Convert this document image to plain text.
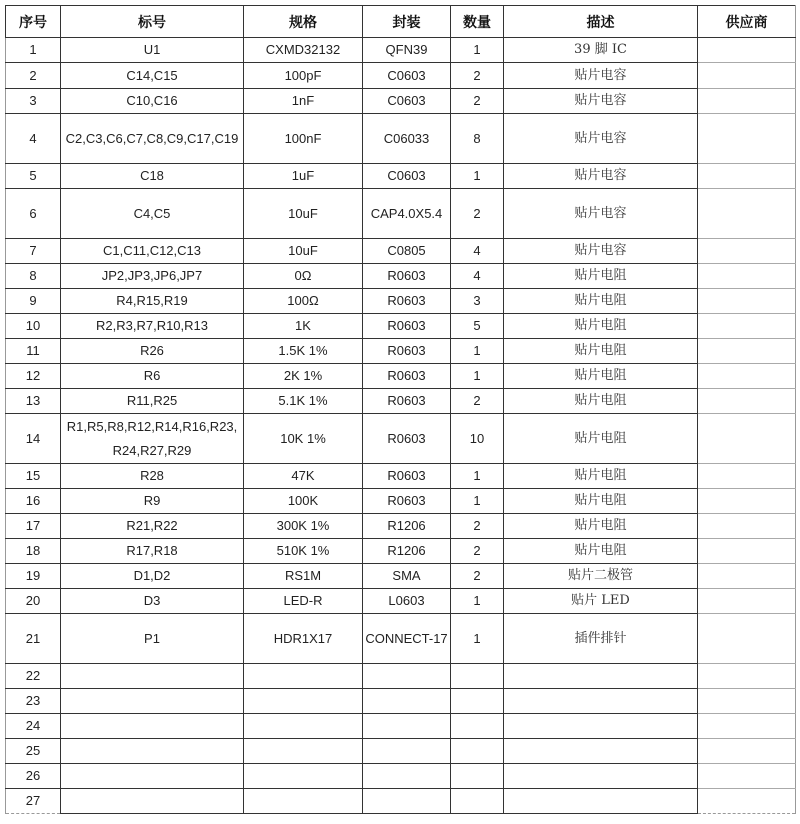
序号	标号	规格	封装	数量	描述	供应商
1	U1	CXMD32132	QFN39	1	39 脚 IC	
2	C14,C15	100pF	C0603	2	贴片电容	
3	C10,C16	1nF	C0603	2	贴片电容	
4	C2,C3,C6,C7,C8,C9,C17,C19	100nF	C06033	8	贴片电容	
5	C18	1uF	C0603	1	贴片电容	
6	C4,C5	10uF	CAP4.0X5.4	2	贴片电容	
7	C1,C11,C12,C13	10uF	C0805	4	贴片电容	
8	JP2,JP3,JP6,JP7	0Ω	R0603	4	贴片电阻	
9	R4,R15,R19	100Ω	R0603	3	贴片电阻	
10	R2,R3,R7,R10,R13	1K	R0603	5	贴片电阻	
11	R26	1.5K 1%	R0603	1	贴片电阻	
12	R6	2K 1%	R0603	1	贴片电阻	
13	R11,R25	5.1K 1%	R0603	2	贴片电阻	
14	R1,R5,R8,R12,R14,R16,R23,R24,R27,R29	10K 1%	R0603	10	贴片电阻	
15	R28	47K	R0603	1	贴片电阻	
16	R9	100K	R0603	1	贴片电阻	
17	R21,R22	300K 1%	R1206	2	贴片电阻	
18	R17,R18	510K 1%	R1206	2	贴片电阻	
19	D1,D2	RS1M	SMA	2	贴片二极管	
20	D3	LED-R	L0603	1	贴片 LED	
21	P1	HDR1X17	CONNECT-17	1	插件排针	
22						
23						
24						
25						
26						
27						
